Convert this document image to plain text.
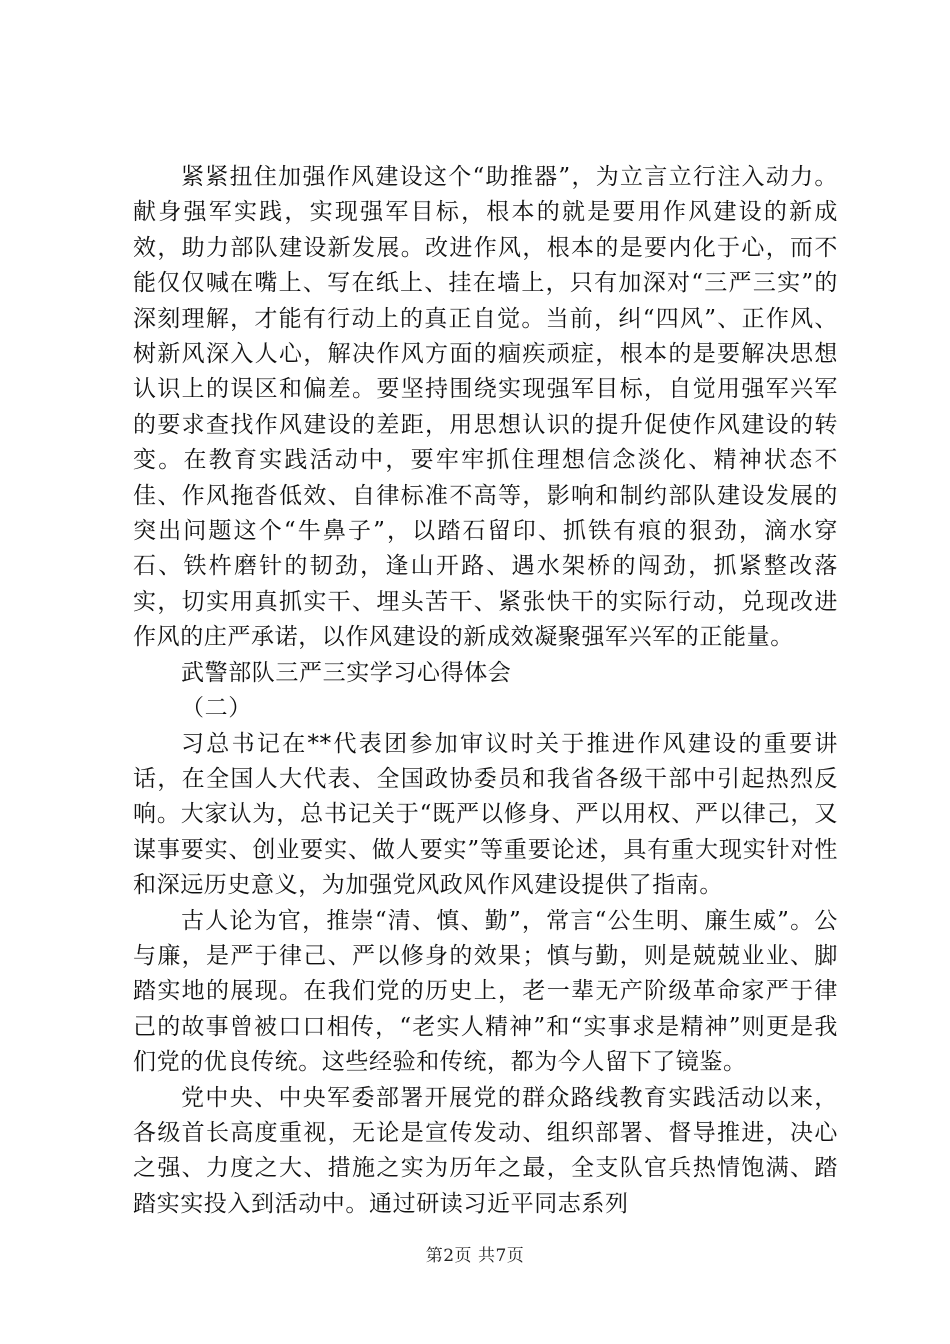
紧紧扭住加强作风建设这个“助推器”，为立言立行注入动力。献身强军实践，实现强军目标，根本的就是要用作风建设的新成效，助力部队建设新发展。改进作风，根本的是要内化于心，而不能仅仅喊在嘴上、写在纸上、挂在墙上，只有加深对“三严三实”的深刻理解，才能有行动上的真正自觉。当前，纠“四风”、正作风、树新风深入人心，解决作风方面的痼疾顽症，根本的是要解决思想认识上的误区和偏差。要坚持围绕实现强军目标，自觉用强军兴军的要求查找作风建设的差距，用思想认识的提升促使作风建设的转变。在教育实践活动中，要牢牢抓住理想信念淡化、精神状态不佳、作风拖沓低效、自律标准不高等，影响和制约部队建设发展的突出问题这个“牛鼻子”，以踏石留印、抓铁有痕的狠劲，滴水穿石、铁杵磨针的韧劲，逢山开路、遇水架桥的闯劲，抓紧整改落实，切实用真抓实干、埋头苦干、紧张快干的实际行动，兑现改进作风的庄严承诺，以作风建设的新成效凝聚强军兴军的正能量。

武警部队三严三实学习心得体会

（二）

习总书记在**代表团参加审议时关于推进作风建设的重要讲话，在全国人大代表、全国政协委员和我省各级干部中引起热烈反响。大家认为，总书记关于“既严以修身、严以用权、严以律己，又谋事要实、创业要实、做人要实”等重要论述，具有重大现实针对性和深远历史意义，为加强党风政风作风建设提供了指南。

古人论为官，推崇“清、慎、勤”，常言“公生明、廉生威”。公与廉，是严于律己、严以修身的效果；慎与勤，则是兢兢业业、脚踏实地的展现。在我们党的历史上，老一辈无产阶级革命家严于律己的故事曾被口口相传，“老实人精神”和“实事求是精神”则更是我们党的优良传统。这些经验和传统，都为今人留下了镜鉴。

党中央、中央军委部署开展党的群众路线教育实践活动以来，各级首长高度重视，无论是宣传发动、组织部署、督导推进，决心之强、力度之大、措施之实为历年之最，全支队官兵热情饱满、踏踏实实投入到活动中。通过研读习近平同志系列

第2页 共7页
